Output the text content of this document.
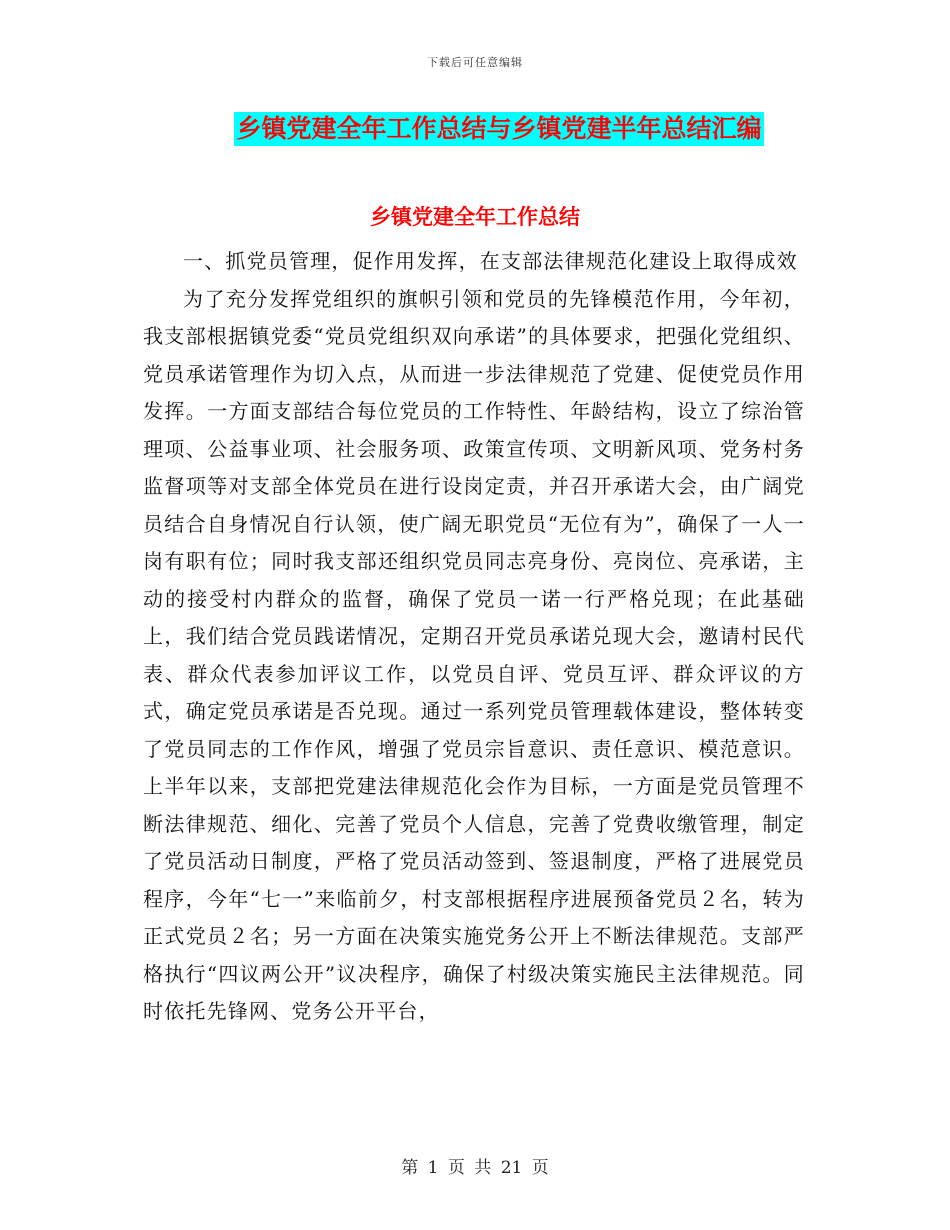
下载后可任意编辑
乡镇党建全年工作总结与乡镇党建半年总结汇编
乡镇党建全年工作总结

一、抓党员管理，促作用发挥，在支部法律规范化建设上取得成效

为了充分发挥党组织的旗帜引领和党员的先锋模范作用，今年初，我支部根据镇党委“党员党组织双向承诺”的具体要求，把强化党组织、党员承诺管理作为切入点，从而进一步法律规范了党建、促使党员作用发挥。一方面支部结合每位党员的工作特性、年龄结构，设立了综治管理项、公益事业项、社会服务项、政策宣传项、文明新风项、党务村务监督项等对支部全体党员在进行设岗定责，并召开承诺大会，由广阔党员结合自身情况自行认领，使广阔无职党员“无位有为”，确保了一人一岗有职有位；同时我支部还组织党员同志亮身份、亮岗位、亮承诺，主动的接受村内群众的监督，确保了党员一诺一行严格兑现；在此基础上，我们结合党员践诺情况，定期召开党员承诺兑现大会，邀请村民代表、群众代表参加评议工作，以党员自评、党员互评、群众评议的方式，确定党员承诺是否兑现。通过一系列党员管理载体建设，整体转变了党员同志的工作作风，增强了党员宗旨意识、责任意识、模范意识。上半年以来，支部把党建法律规范化会作为目标，一方面是党员管理不断法律规范、细化、完善了党员个人信息，完善了党费收缴管理，制定了党员活动日制度，严格了党员活动签到、签退制度，严格了进展党员程序，今年“七一”来临前夕，村支部根据程序进展预备党员２名，转为正式党员２名；另一方面在决策实施党务公开上不断法律规范。支部严格执行“四议两公开”议决程序，确保了村级决策实施民主法律规范。同时依托先锋网、党务公开平台，

第 1 页 共 21 页
